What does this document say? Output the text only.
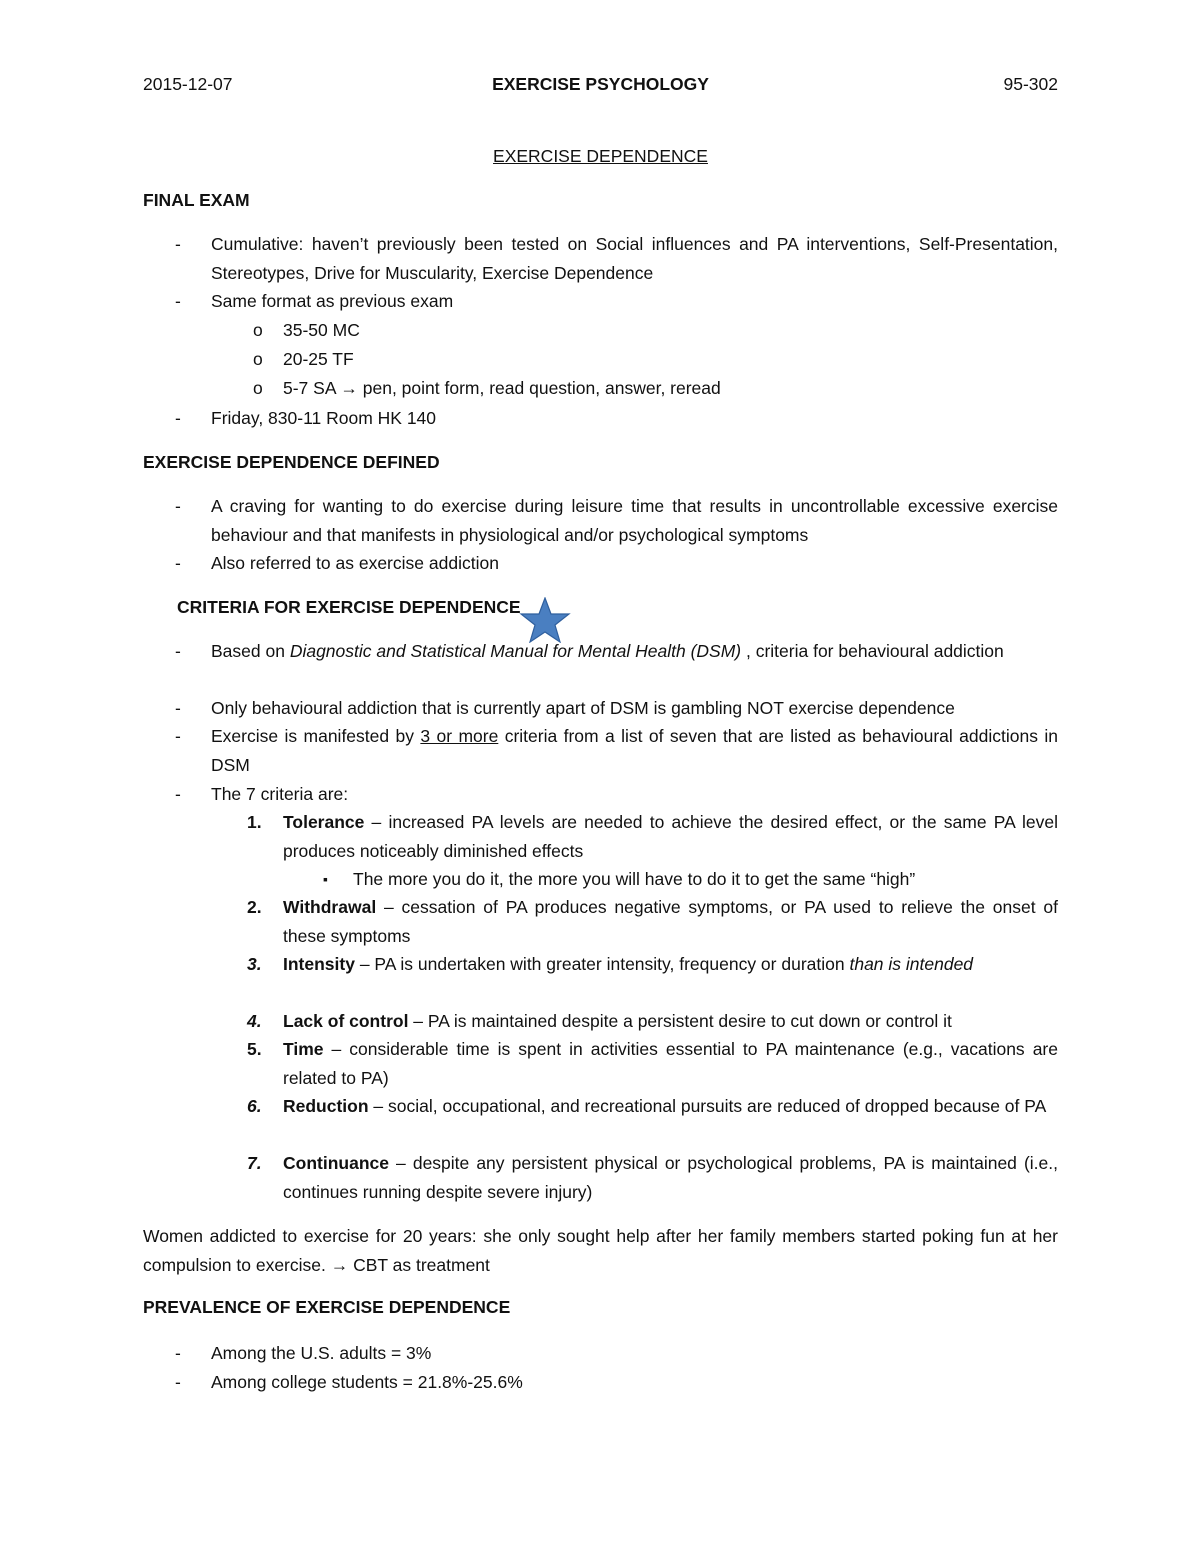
2015-12-07	EXERCISE PSYCHOLOGY	95-302
EXERCISE DEPENDENCE
FINAL EXAM
- Cumulative: haven’t previously been tested on Social influences and PA interventions, Self-Presentation, Stereotypes, Drive for Muscularity, Exercise Dependence
- Same format as previous exam
o 35-50 MC
o 20-25 TF
o 5-7 SA → pen, point form, read question, answer, reread
- Friday, 830-11 Room HK 140
EXERCISE DEPENDENCE DEFINED
- A craving for wanting to do exercise during leisure time that results in uncontrollable excessive exercise behaviour and that manifests in physiological and/or psychological symptoms
- Also referred to as exercise addiction
CRITERIA FOR EXERCISE DEPENDENCE
- Based on Diagnostic and Statistical Manual for Mental Health (DSM) , criteria for behavioural addiction
- Only behavioural addiction that is currently apart of DSM is gambling NOT exercise dependence
- Exercise is manifested by 3 or more criteria from a list of seven that are listed as behavioural addictions in DSM
- The 7 criteria are:
1. Tolerance – increased PA levels are needed to achieve the desired effect, or the same PA level produces noticeably diminished effects
▪ The more you do it, the more you will have to do it to get the same “high”
2. Withdrawal – cessation of PA produces negative symptoms, or PA used to relieve the onset of these symptoms
3. Intensity – PA is undertaken with greater intensity, frequency or duration than is intended
4. Lack of control – PA is maintained despite a persistent desire to cut down or control it
5. Time – considerable time is spent in activities essential to PA maintenance (e.g., vacations are related to PA)
6. Reduction – social, occupational, and recreational pursuits are reduced of dropped because of PA
7. Continuance – despite any persistent physical or psychological problems, PA is maintained (i.e., continues running despite severe injury)
Women addicted to exercise for 20 years: she only sought help after her family members started poking fun at her compulsion to exercise. → CBT as treatment
PREVALENCE OF EXERCISE DEPENDENCE
- Among the U.S. adults = 3%
- Among college students = 21.8%-25.6%
